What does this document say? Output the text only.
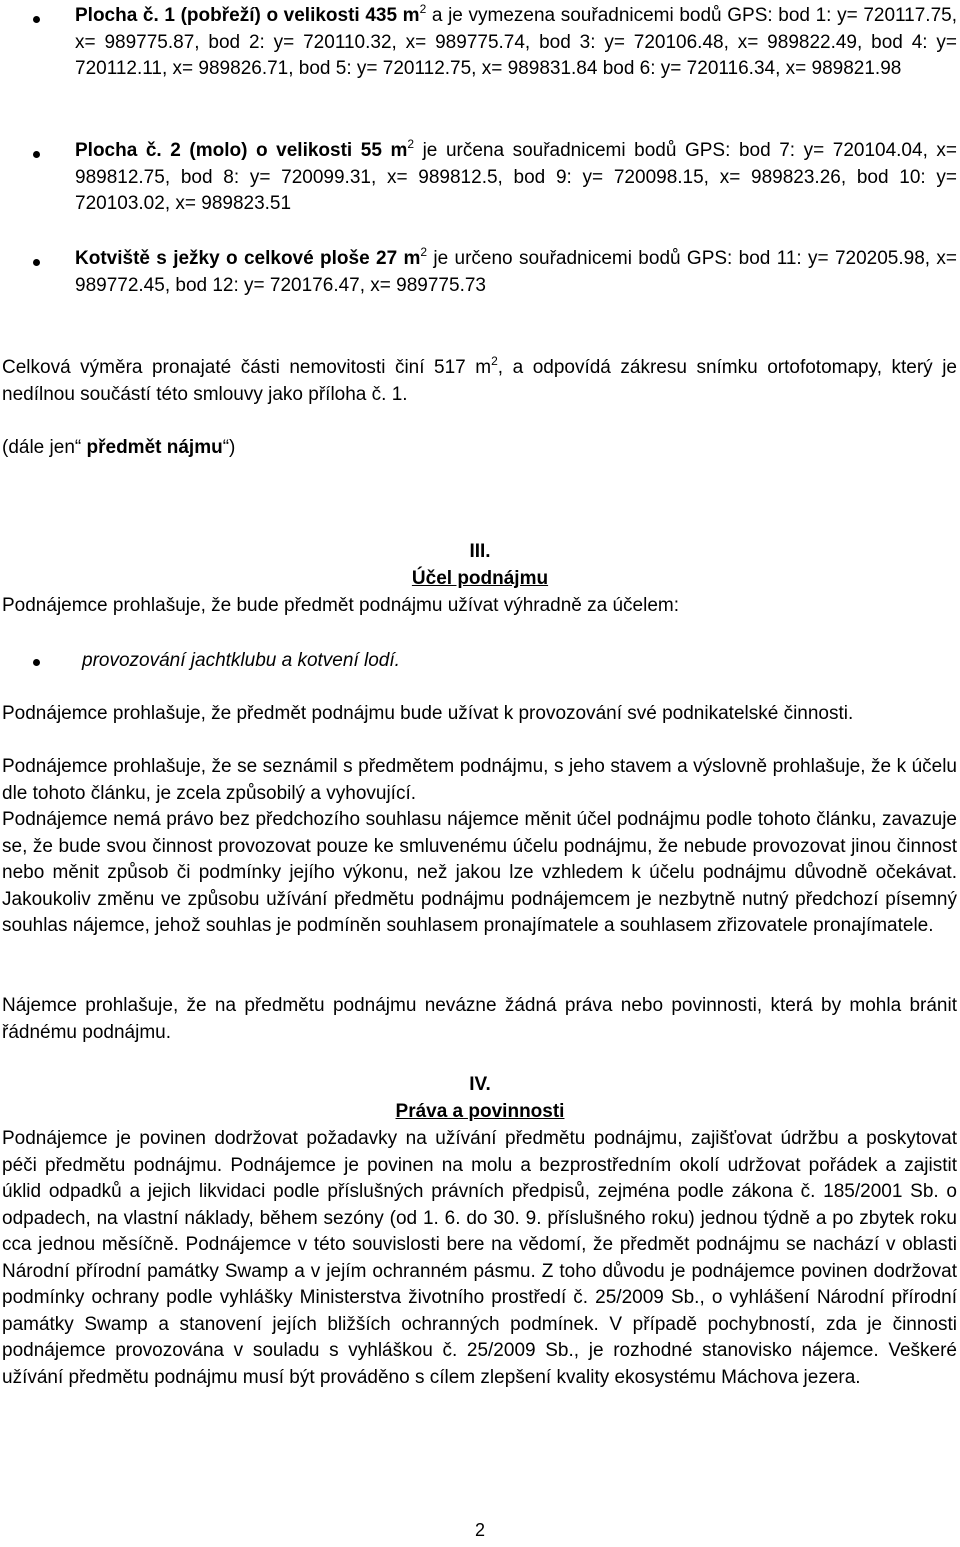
Plocha č. 1 (pobřeží) o velikosti 435 $m^2$ a je vymezena souřadnicemi bodů GPS: bod 1: y= 720117.75, x= 989775.87, bod 2: y= 720110.32, x= 989775.74, bod 3: y= 720106.48, x= 989822.49, bod 4: y= 720112.11, x= 989826.71, bod 5: y= 720112.75, x= 989831.84 bod 6: y= 720116.34, x= 989821.98
Plocha č. 2 (molo) o velikosti 55 $m^2$ je určena souřadnicemi bodů GPS: bod 7: y= 720104.04, x= 989812.75, bod 8: y= 720099.31, x= 989812.5, bod 9: y= 720098.15, x= 989823.26, bod 10: y= 720103.02, x= 989823.51
Kotviště s ježky o celkové ploše 27 $m^2$ je určeno souřadnicemi bodů GPS: bod 11: y= 720205.98, x= 989772.45, bod 12: y= 720176.47, x= 989775.73
Celková výměra pronajaté části nemovitosti činí 517 $m^2$, a odpovídá zákresu snímku ortofotomapy, který je nedílnou součástí této smlouvy jako příloha č. 1.
(dále jen“ předmět nájmu“)
III.
Účel podnájmu
Podnájemce prohlašuje, že bude předmět podnájmu užívat výhradně za účelem:
provozování jachtklubu a kotvení lodí.
Podnájemce prohlašuje, že předmět podnájmu bude užívat k provozování své podnikatelské činnosti.
Podnájemce prohlašuje, že se seznámil s předmětem podnájmu, s jeho stavem a výslovně prohlašuje, že k účelu dle tohoto článku, je zcela způsobilý a vyhovující.
Podnájemce nemá právo bez předchozího souhlasu nájemce měnit účel podnájmu podle tohoto článku, zavazuje se, že bude svou činnost provozovat pouze ke smluvenému účelu podnájmu, že nebude provozovat jinou činnost nebo měnit způsob či podmínky jejího výkonu, než jakou lze vzhledem k účelu podnájmu důvodně očekávat. Jakoukoliv změnu ve způsobu užívání předmětu podnájmu podnájemcem je nezbytně nutný předchozí písemný souhlas nájemce, jehož souhlas je podmíněn souhlasem pronajímatele a souhlasem zřizovatele pronajímatele.
Nájemce prohlašuje, že na předmětu podnájmu nevázne žádná práva nebo povinnosti, která by mohla bránit řádnému podnájmu.
IV.
Práva a povinnosti
Podnájemce je povinen dodržovat požadavky na užívání předmětu podnájmu, zajišťovat údržbu a poskytovat péči předmětu podnájmu. Podnájemce je povinen na molu a bezprostředním okolí udržovat pořádek a zajistit úklid odpadků a jejich likvidaci podle příslušných právních předpisů, zejména podle zákona č. 185/2001 Sb. o odpadech, na vlastní náklady, během sezóny (od 1. 6. do 30. 9. příslušného roku) jednou týdně a po zbytek roku cca jednou měsíčně. Podnájemce v této souvislosti bere na vědomí, že předmět podnájmu se nachází v oblasti Národní přírodní památky Swamp a v jejím ochranném pásmu. Z toho důvodu je podnájemce povinen dodržovat podmínky ochrany podle vyhlášky Ministerstva životního prostředí č. 25/2009 Sb., o vyhlášení Národní přírodní památky Swamp a stanovení jejích bližších ochranných podmínek. V případě pochybností, zda je činnosti podnájemce provozována v souladu s vyhláškou č. 25/2009 Sb., je rozhodné stanovisko nájemce. Veškeré užívání předmětu podnájmu musí být prováděno s cílem zlepšení kvality ekosystému Máchova jezera.
2
